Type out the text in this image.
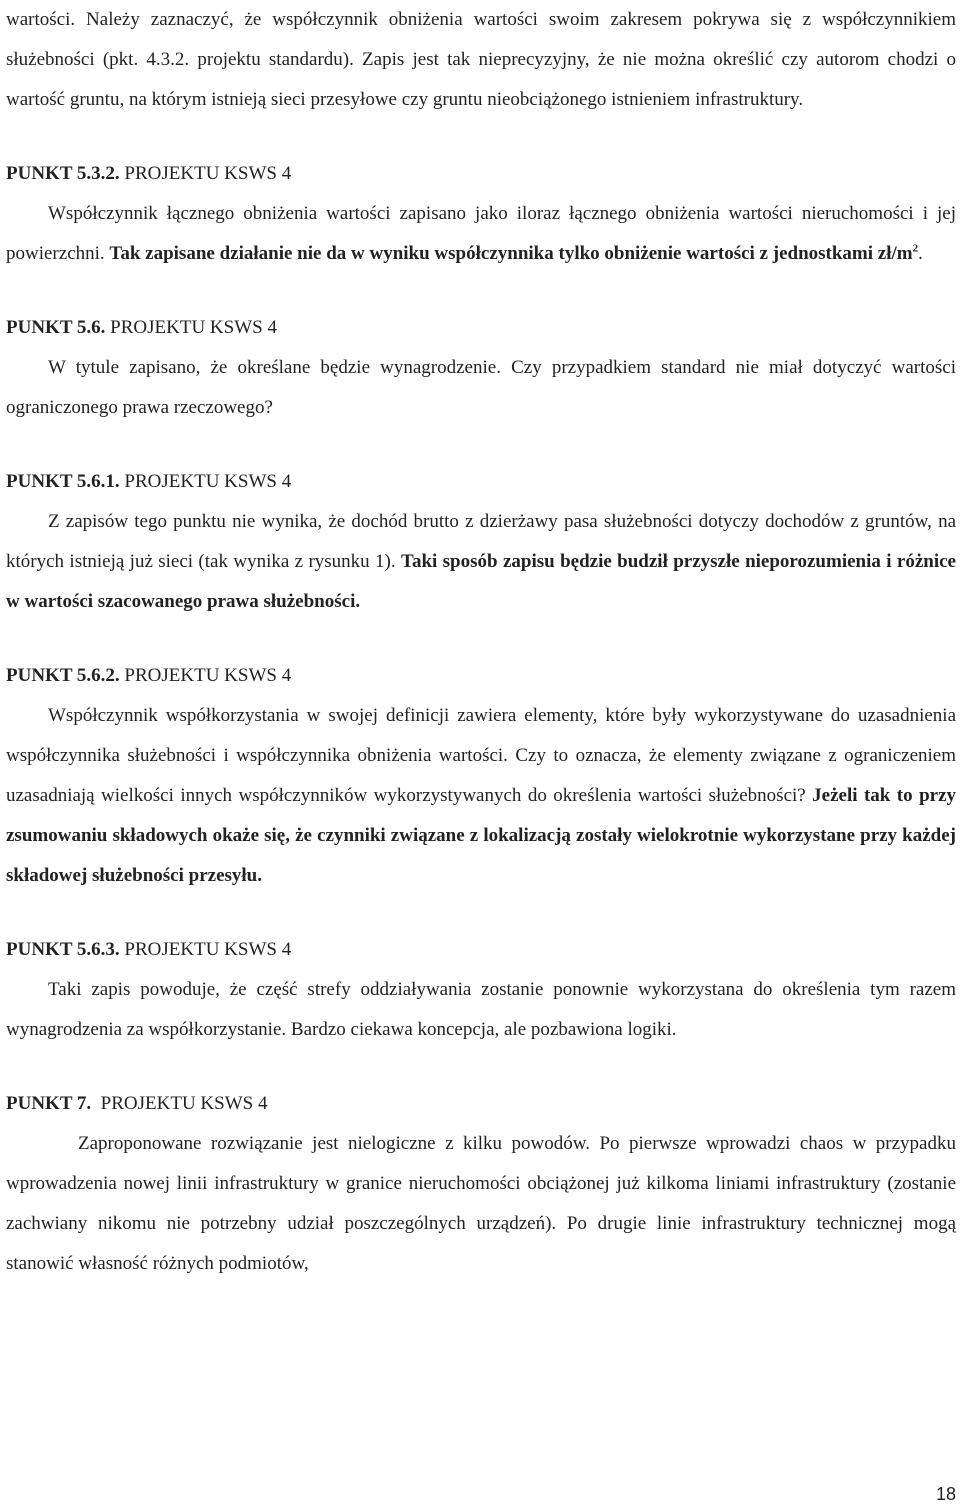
wartości. Należy zaznaczyć, że współczynnik obniżenia wartości swoim zakresem pokrywa się z współczynnikiem służebności (pkt. 4.3.2. projektu standardu). Zapis jest tak nieprecyzyjny, że nie można określić czy autorom chodzi o wartość gruntu, na którym istnieją sieci przesyłowe czy gruntu nieobciążonego istnieniem infrastruktury.

PUNKT 5.3.2. PROJEKTU KSWS 4

Współczynnik łącznego obniżenia wartości zapisano jako iloraz łącznego obniżenia wartości nieruchomości i jej powierzchni. Tak zapisane działanie nie da w wyniku współczynnika tylko obniżenie wartości z jednostkami $zł/m^2$.

PUNKT 5.6. PROJEKTU KSWS 4

W tytule zapisano, że określane będzie wynagrodzenie. Czy przypadkiem standard nie miał dotyczyć wartości ograniczonego prawa rzeczowego?

PUNKT 5.6.1. PROJEKTU KSWS 4

Z zapisów tego punktu nie wynika, że dochód brutto z dzierżawy pasa służebności dotyczy dochodów z gruntów, na których istnieją już sieci (tak wynika z rysunku 1). Taki sposób zapisu będzie budził przyszłe nieporozumienia i różnice w wartości szacowanego prawa służebności.

PUNKT 5.6.2. PROJEKTU KSWS 4

Współczynnik współkorzystania w swojej definicji zawiera elementy, które były wykorzystywane do uzasadnienia współczynnika służebności i współczynnika obniżenia wartości. Czy to oznacza, że elementy związane z ograniczeniem uzasadniają wielkości innych współczynników wykorzystywanych do określenia wartości służebności? Jeżeli tak to przy zsumowaniu składowych okaże się, że czynniki związane z lokalizacją zostały wielokrotnie wykorzystane przy każdej składowej służebności przesyłu.

PUNKT 5.6.3. PROJEKTU KSWS 4

Taki zapis powoduje, że część strefy oddziaływania zostanie ponownie wykorzystana do określenia tym razem wynagrodzenia za współkorzystanie. Bardzo ciekawa koncepcja, ale pozbawiona logiki.

PUNKT 7.  PROJEKTU KSWS 4

Zaproponowane rozwiązanie jest nielogiczne z kilku powodów. Po pierwsze wprowadzi chaos w przypadku wprowadzenia nowej linii infrastruktury w granice nieruchomości obciążonej już kilkoma liniami infrastruktury (zostanie zachwiany nikomu nie potrzebny udział poszczególnych urządzeń). Po drugie linie infrastruktury technicznej mogą stanowić własność różnych podmiotów,

18
